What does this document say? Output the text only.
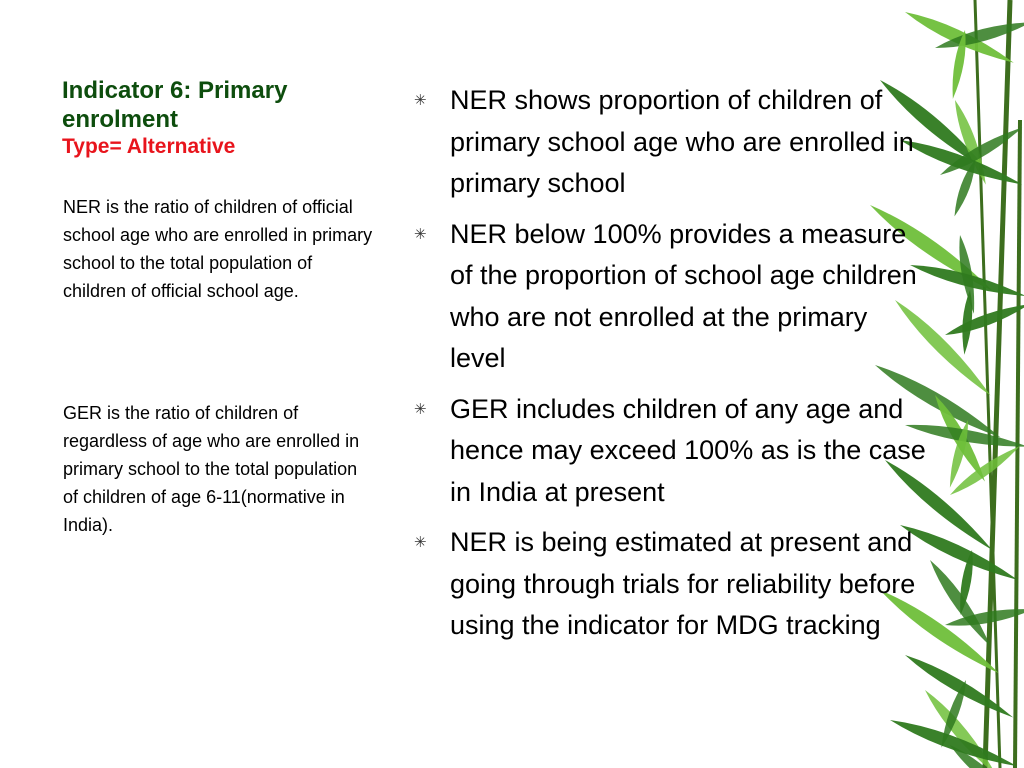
Indicator 6: Primary
enrolment
Type= Alternative
NER is the ratio of children of official school age who are enrolled in primary school to the total population of children of official school age.
GER is the ratio of children of regardless of age who are enrolled in primary school to the total population of children of age 6-11(normative in India).
✳ NER shows proportion of children of primary school age who are enrolled in primary school
✳ NER below 100% provides a measure of the proportion of school age children who are not enrolled at the primary level
✳ GER includes children of any age and hence may exceed 100% as is the case in India at present
✳ NER is being estimated at present and going through trials for reliability before using the indicator for MDG tracking
